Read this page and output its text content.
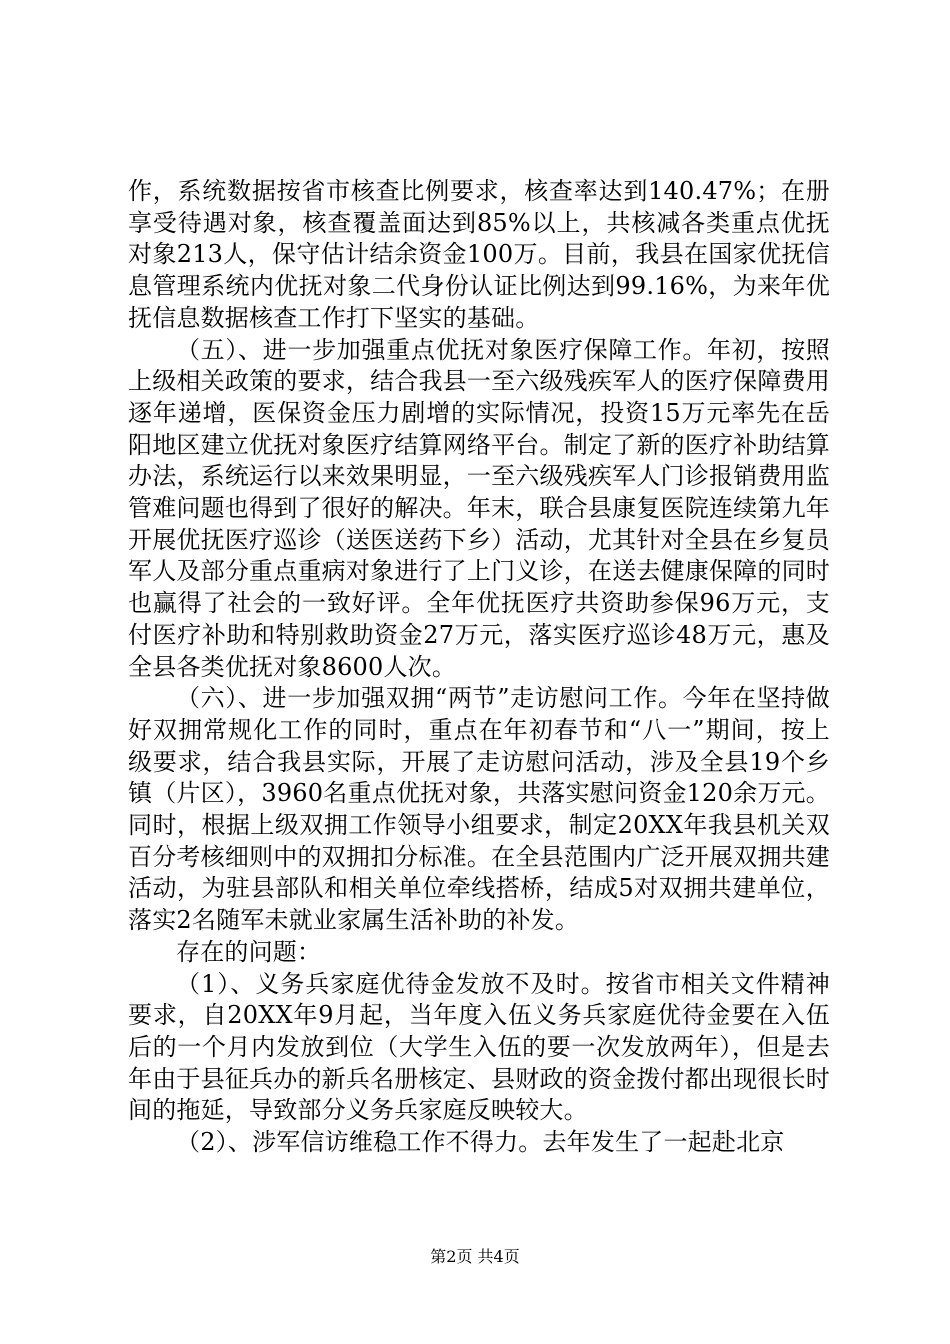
作，系统数据按省市核查比例要求，核查率达到140.47%；在册享受待遇对象，核查覆盖面达到85%以上，共核减各类重点优抚对象213人，保守估计结余资金100万。目前，我县在国家优抚信息管理系统内优抚对象二代身份认证比例达到99.16%，为来年优抚信息数据核查工作打下坚实的基础。

（五）、进一步加强重点优抚对象医疗保障工作。年初，按照上级相关政策的要求，结合我县一至六级残疾军人的医疗保障费用逐年递增，医保资金压力剧增的实际情况，投资15万元率先在岳阳地区建立优抚对象医疗结算网络平台。制定了新的医疗补助结算办法，系统运行以来效果明显，一至六级残疾军人门诊报销费用监管难问题也得到了很好的解决。年末，联合县康复医院连续第九年开展优抚医疗巡诊（送医送药下乡）活动，尤其针对全县在乡复员军人及部分重点重病对象进行了上门义诊，在送去健康保障的同时也赢得了社会的一致好评。全年优抚医疗共资助参保96万元，支付医疗补助和特别救助资金27万元，落实医疗巡诊48万元，惠及全县各类优抚对象8600人次。

（六）、进一步加强双拥“两节”走访慰问工作。今年在坚持做好双拥常规化工作的同时，重点在年初春节和“八一”期间，按上级要求，结合我县实际，开展了走访慰问活动，涉及全县19个乡镇（片区），3960名重点优抚对象，共落实慰问资金120余万元。同时，根据上级双拥工作领导小组要求，制定20XX年我县机关双百分考核细则中的双拥扣分标准。在全县范围内广泛开展双拥共建活动，为驻县部队和相关单位牵线搭桥，结成5对双拥共建单位，落实2名随军未就业家属生活补助的补发。

存在的问题：

（1）、义务兵家庭优待金发放不及时。按省市相关文件精神要求，自20XX年9月起，当年度入伍义务兵家庭优待金要在入伍后的一个月内发放到位（大学生入伍的要一次发放两年），但是去年由于县征兵办的新兵名册核定、县财政的资金拨付都出现很长时间的拖延，导致部分义务兵家庭反映较大。

（2）、涉军信访维稳工作不得力。去年发生了一起赴北京

第2页 共4页
